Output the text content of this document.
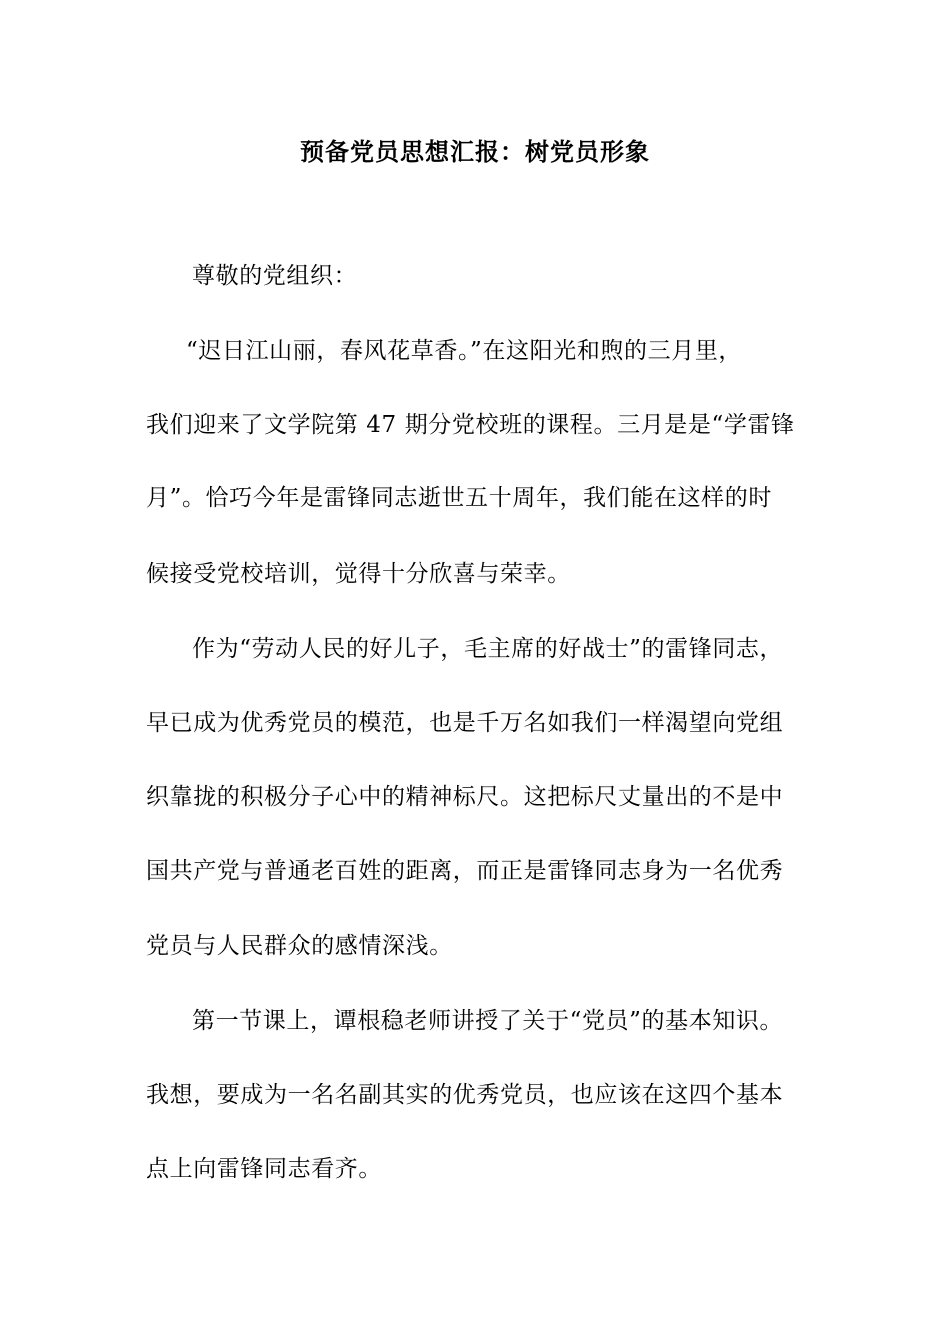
预备党员思想汇报：树党员形象
尊敬的党组织：
“迟日江山丽，春风花草香。”在这阳光和煦的三月里，
我们迎来了文学院第 47 期分党校班的课程。三月是是“学雷锋
月”。恰巧今年是雷锋同志逝世五十周年，我们能在这样的时
候接受党校培训，觉得十分欣喜与荣幸。
作为“劳动人民的好儿子，毛主席的好战士”的雷锋同志，
早已成为优秀党员的模范，也是千万名如我们一样渴望向党组
织靠拢的积极分子心中的精神标尺。这把标尺丈量出的不是中
国共产党与普通老百姓的距离，而正是雷锋同志身为一名优秀
党员与人民群众的感情深浅。
第一节课上，谭根稳老师讲授了关于“党员”的基本知识。
我想，要成为一名名副其实的优秀党员，也应该在这四个基本
点上向雷锋同志看齐。
